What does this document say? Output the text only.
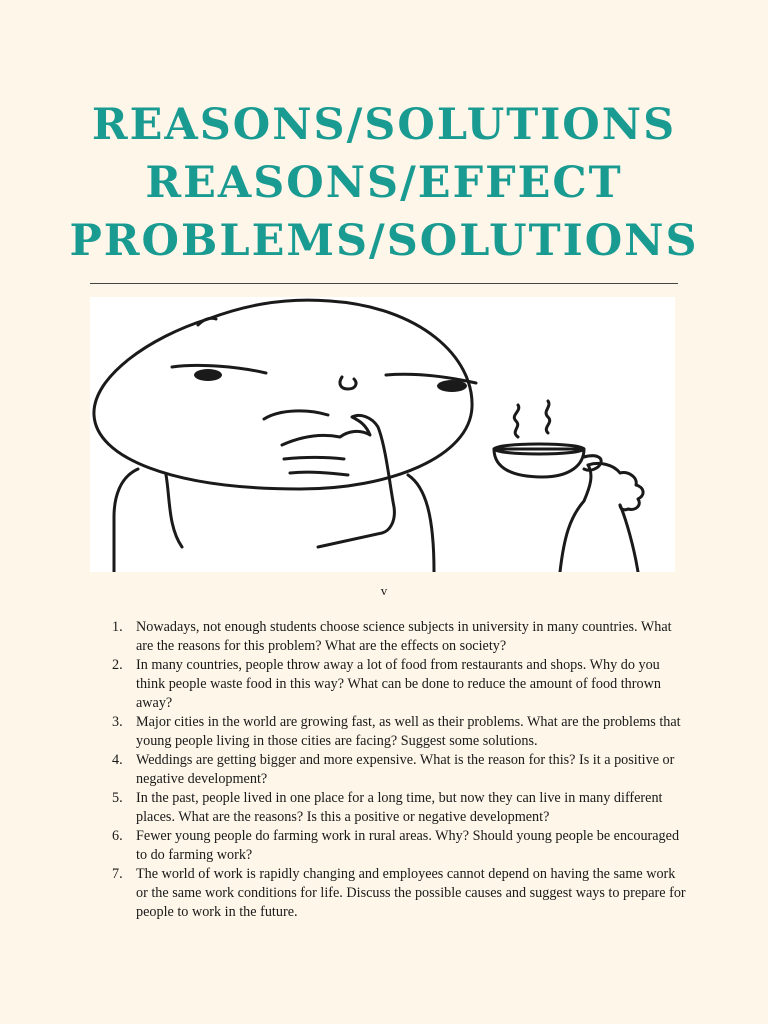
REASONS/SOLUTIONS
REASONS/EFFECT
PROBLEMS/SOLUTIONS
v
1. Nowadays, not enough students choose science subjects in university in many countries. What are the reasons for this problem? What are the effects on society?
2. In many countries, people throw away a lot of food from restaurants and shops. Why do you think people waste food in this way? What can be done to reduce the amount of food thrown away?
3. Major cities in the world are growing fast, as well as their problems. What are the problems that young people living in those cities are facing? Suggest some solutions.
4. Weddings are getting bigger and more expensive. What is the reason for this? Is it a positive or negative development?
5. In the past, people lived in one place for a long time, but now they can live in many different places. What are the reasons? Is this a positive or negative development?
6. Fewer young people do farming work in rural areas. Why? Should young people be encouraged to do farming work?
7. The world of work is rapidly changing and employees cannot depend on having the same work or the same work conditions for life. Discuss the possible causes and suggest ways to prepare for people to work in the future.
